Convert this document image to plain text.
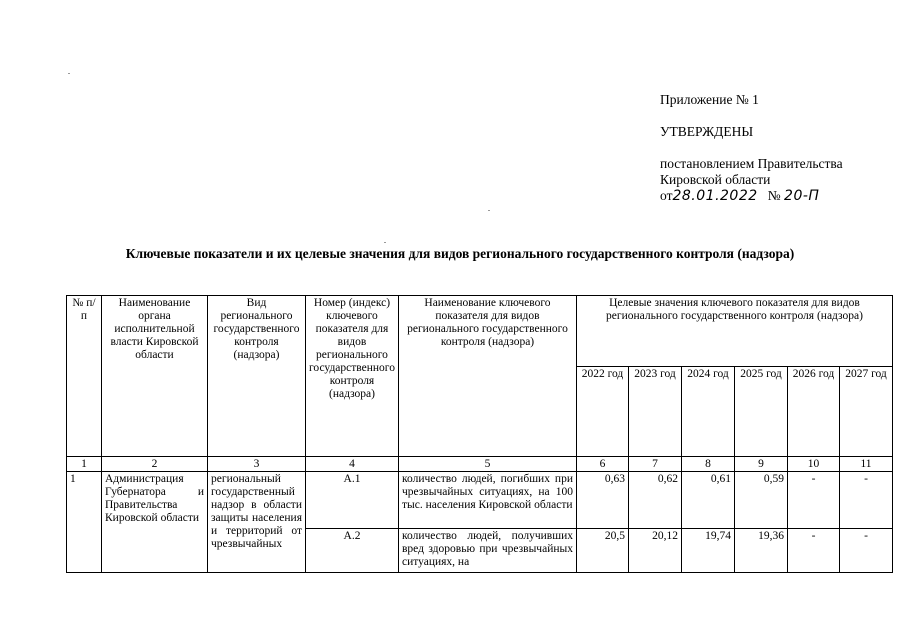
Приложение № 1
УТВЕРЖДЕНЫ
постановлением Правительства
Кировской области
от28.01.2022 № 20-П
Ключевые показатели и их целевые значения для видов регионального государственного контроля (надзора)
№ п/п	Наименование органа исполнительной власти Кировской области	Вид регионального государственного контроля (надзора)	Номер (индекс) ключевого показателя для видов регионального государственного контроля (надзора)	Наименование ключевого показателя для видов регионального государственного контроля (надзора)	Целевые значения ключевого показателя для видов регионального государственного контроля (надзора)					
					2022 год	2023 год	2024 год	2025 год	2026 год	2027 год
1	2	3	4	5	6	7	8	9	10	11
1	Администрация Губернатора и Правительства Кировской области	региональный государственный надзор в области защиты населения и территорий от чрезвычайных	А.1	количество людей, погибших при чрезвычайных ситуациях, на 100 тыс. населения Кировской области	0,63	0,62	0,61	0,59	-	-
			А.2	количество людей, получивших вред здоровью при чрезвычайных ситуациях, на	20,5	20,12	19,74	19,36	-	-
